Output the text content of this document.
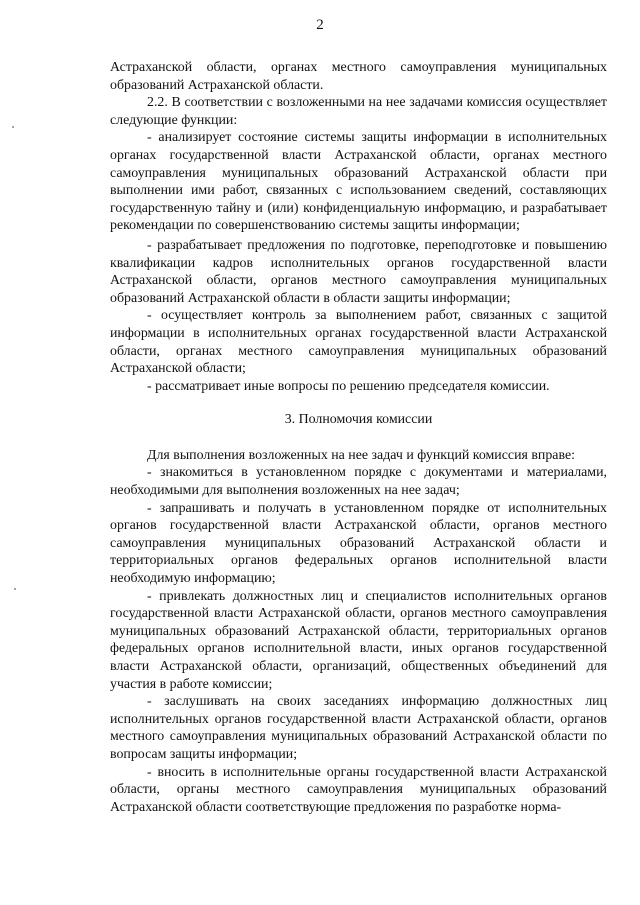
2

Астраханской области, органах местного самоуправления муниципальных образований Астраханской области.

2.2. В соответствии с возложенными на нее задачами комиссия осуществляет следующие функции:

- анализирует состояние системы защиты информации в исполнительных органах государственной власти Астраханской области, органах местного самоуправления муниципальных образований Астраханской области при выполнении ими работ, связанных с использованием сведений, составляющих государственную тайну и (или) конфиденциальную информацию, и разрабатывает рекомендации по совершенствованию системы защиты информации;

- разрабатывает предложения по подготовке, переподготовке и повышению квалификации кадров исполнительных органов государственной власти Астраханской области, органов местного самоуправления муниципальных образований Астраханской области в области защиты информации;

- осуществляет контроль за выполнением работ, связанных с защитой информации в исполнительных органах государственной власти Астраханской области, органах местного самоуправления муниципальных образований Астраханской области;

- рассматривает иные вопросы по решению председателя комиссии.

3. Полномочия комиссии

Для выполнения возложенных на нее задач и функций комиссия вправе:

- знакомиться в установленном порядке с документами и материалами, необходимыми для выполнения возложенных на нее задач;

- запрашивать и получать в установленном порядке от исполнительных органов государственной власти Астраханской области, органов местного самоуправления муниципальных образований Астраханской области и территориальных органов федеральных органов исполнительной власти необходимую информацию;

- привлекать должностных лиц и специалистов исполнительных органов государственной власти Астраханской области, органов местного самоуправления муниципальных образований Астраханской области, территориальных органов федеральных органов исполнительной власти, иных органов государственной власти Астраханской области, организаций, общественных объединений для участия в работе комиссии;

- заслушивать на своих заседаниях информацию должностных лиц исполнительных органов государственной власти Астраханской области, органов местного самоуправления муниципальных образований Астраханской области по вопросам защиты информации;

- вносить в исполнительные органы государственной власти Астраханской области, органы местного самоуправления муниципальных образований Астраханской области соответствующие предложения по разработке норма-
